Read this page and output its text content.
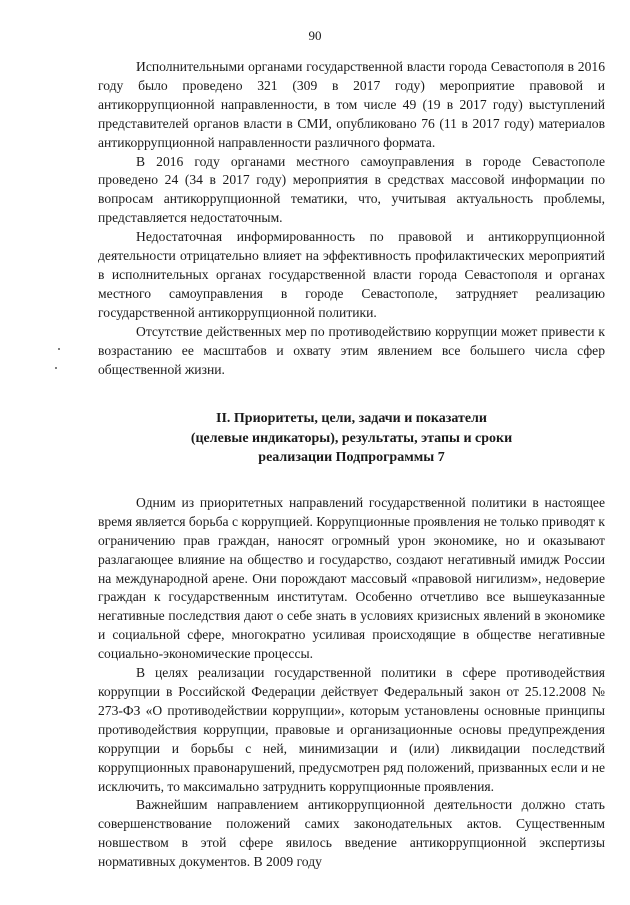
90

Исполнительными органами государственной власти города Севастополя в 2016 году было проведено 321 (309 в 2017 году) мероприятие правовой и антикоррупционной направленности, в том числе 49 (19 в 2017 году) выступлений представителей органов власти в СМИ, опубликовано 76 (11 в 2017 году) материалов антикоррупционной направленности различного формата.

В 2016 году органами местного самоуправления в городе Севастополе проведено 24 (34 в 2017 году) мероприятия в средствах массовой информации по вопросам антикоррупционной тематики, что, учитывая актуальность проблемы, представляется недостаточным.

Недостаточная информированность по правовой и антикоррупционной деятельности отрицательно влияет на эффективность профилактических мероприятий в исполнительных органах государственной власти города Севастополя и органах местного самоуправления в городе Севастополе, затрудняет реализацию государственной антикоррупционной политики.

Отсутствие действенных мер по противодействию коррупции может привести к возрастанию ее масштабов и охвату этим явлением все большего числа сфер общественной жизни.

II. Приоритеты, цели, задачи и показатели
(целевые индикаторы), результаты, этапы и сроки
реализации Подпрограммы 7

Одним из приоритетных направлений государственной политики в настоящее время является борьба с коррупцией. Коррупционные проявления не только приводят к ограничению прав граждан, наносят огромный урон экономике, но и оказывают разлагающее влияние на общество и государство, создают негативный имидж России на международной арене. Они порождают массовый «правовой нигилизм», недоверие граждан к государственным институтам. Особенно отчетливо все вышеуказанные негативные последствия дают о себе знать в условиях кризисных явлений в экономике и социальной сфере, многократно усиливая происходящие в обществе негативные социально-экономические процессы.

В целях реализации государственной политики в сфере противодействия коррупции в Российской Федерации действует Федеральный закон от 25.12.2008 № 273-ФЗ «О противодействии коррупции», которым установлены основные принципы противодействия коррупции, правовые и организационные основы предупреждения коррупции и борьбы с ней, минимизации и (или) ликвидации последствий коррупционных правонарушений, предусмотрен ряд положений, призванных если и не исключить, то максимально затруднить коррупционные проявления.

Важнейшим направлением антикоррупционной деятельности должно стать совершенствование положений самих законодательных актов. Существенным новшеством в этой сфере явилось введение антикоррупционной экспертизы нормативных документов. В 2009 году
